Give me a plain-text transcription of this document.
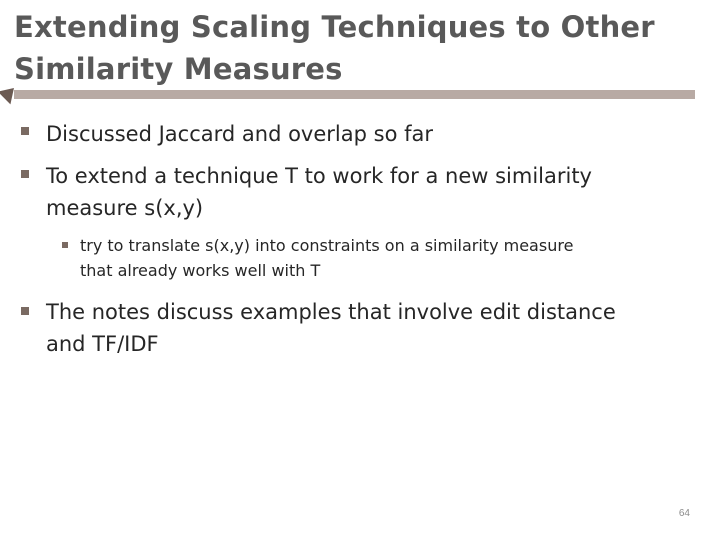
Extending Scaling Techniques to Other
Similarity Measures
Discussed Jaccard and overlap so far
To extend a technique T to work for a new similarity
measure s(x,y)
try to translate s(x,y) into constraints on a similarity measure
that already works well with T
The notes discuss examples that involve edit distance
and TF/IDF
64
